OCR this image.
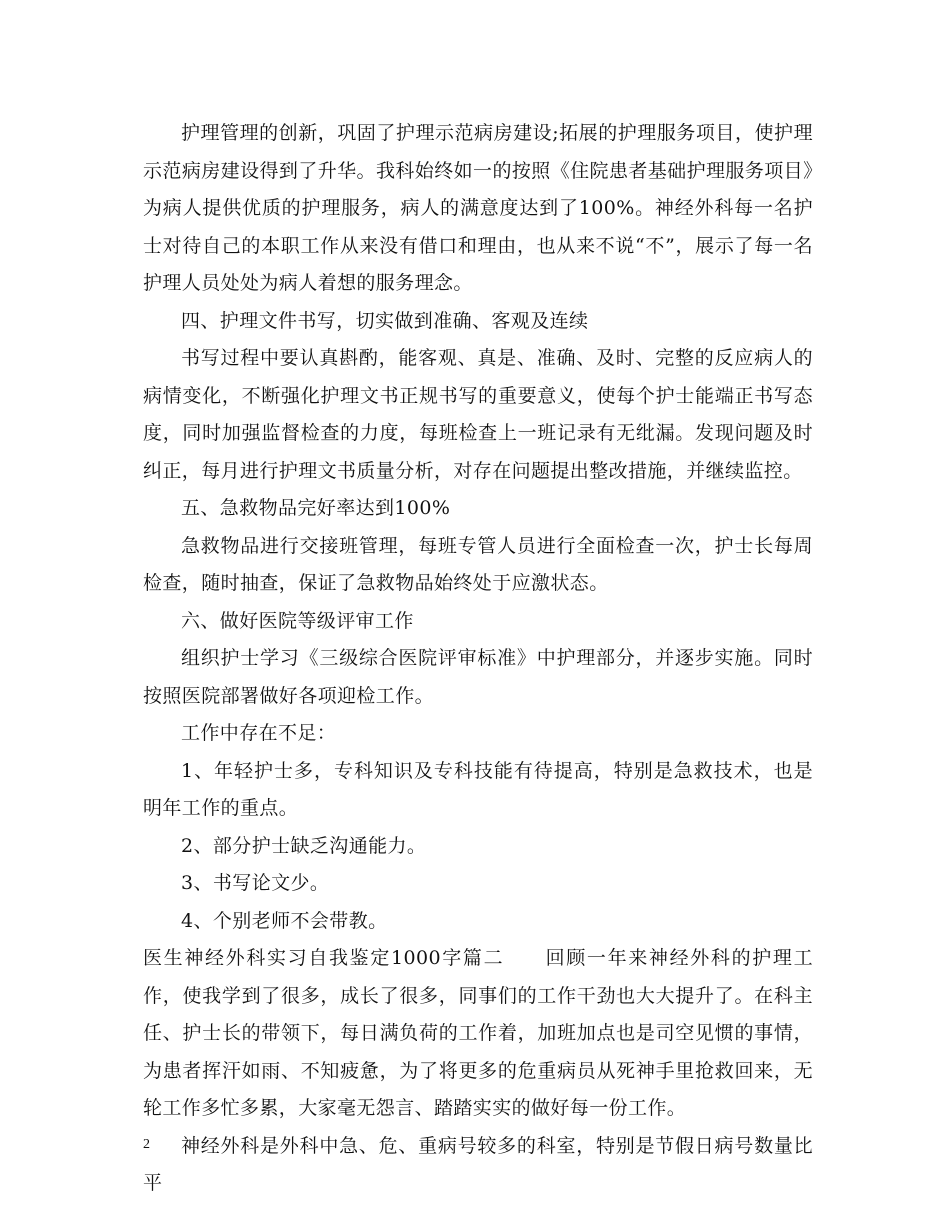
护理管理的创新，巩固了护理示范病房建设;拓展的护理服务项目，使护理示范病房建设得到了升华。我科始终如一的按照《住院患者基础护理服务项目》为病人提供优质的护理服务，病人的满意度达到了100%。神经外科每一名护士对待自己的本职工作从来没有借口和理由，也从来不说“不”，展示了每一名护理人员处处为病人着想的服务理念。

四、护理文件书写，切实做到准确、客观及连续

书写过程中要认真斟酌，能客观、真是、准确、及时、完整的反应病人的病情变化，不断强化护理文书正规书写的重要意义，使每个护士能端正书写态度，同时加强监督检查的力度，每班检查上一班记录有无纰漏。发现问题及时纠正，每月进行护理文书质量分析，对存在问题提出整改措施，并继续监控。

五、急救物品完好率达到100%

急救物品进行交接班管理，每班专管人员进行全面检查一次，护士长每周检查，随时抽查，保证了急救物品始终处于应激状态。

六、做好医院等级评审工作

组织护士学习《三级综合医院评审标准》中护理部分，并逐步实施。同时按照医院部署做好各项迎检工作。

工作中存在不足：

1、年轻护士多，专科知识及专科技能有待提高，特别是急救技术，也是明年工作的重点。

2、部分护士缺乏沟通能力。

3、书写论文少。

4、个别老师不会带教。

医生神经外科实习自我鉴定1000字篇二　　回顾一年来神经外科的护理工作，使我学到了很多，成长了很多，同事们的工作干劲也大大提升了。在科主任、护士长的带领下，每日满负荷的工作着，加班加点也是司空见惯的事情，为患者挥汗如雨、不知疲惫，为了将更多的危重病员从死神手里抢救回来，无轮工作多忙多累，大家毫无怨言、踏踏实实的做好每一份工作。

神经外科是外科中急、危、重病号较多的科室，特别是节假日病号数量比平

2
